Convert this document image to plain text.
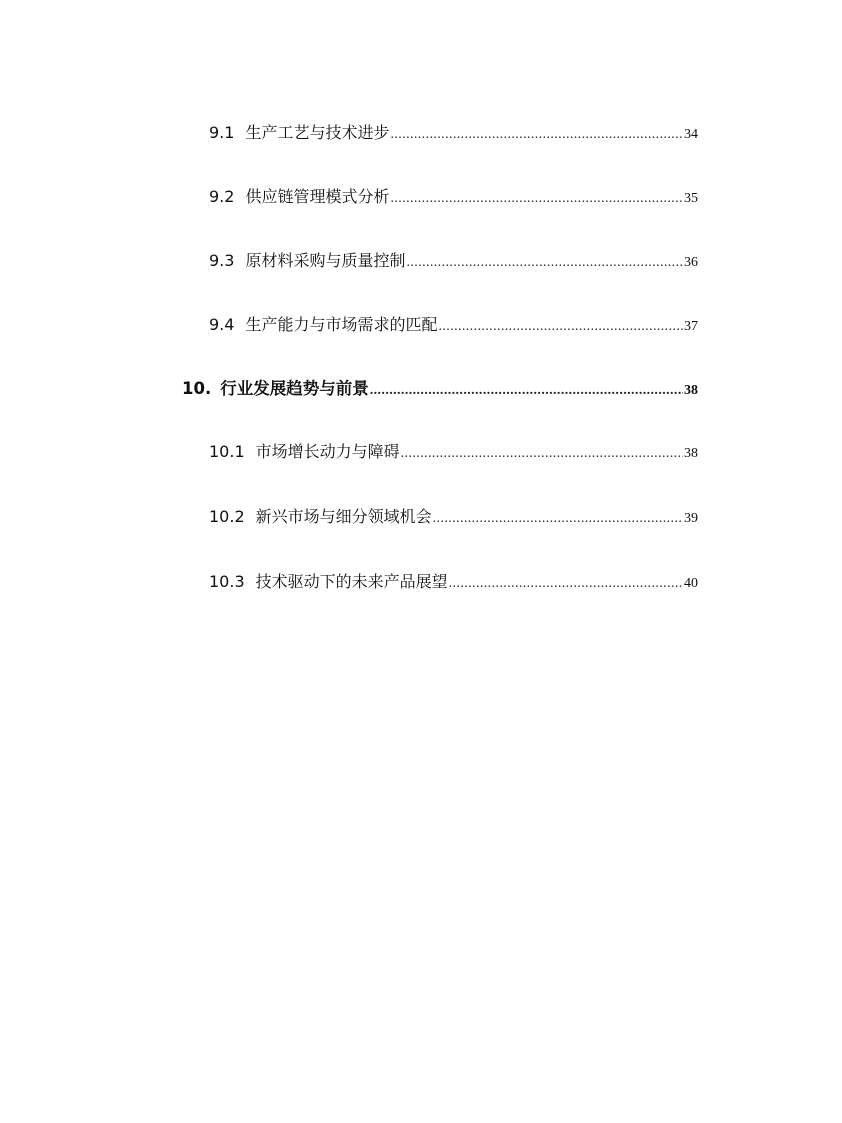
9.1 生产工艺与技术进步 .....	34
9.2 供应链管理模式分析 .....	35
9.3 原材料采购与质量控制 .....	36
9.4 生产能力与市场需求的匹配 .....	37
10. 行业发展趋势与前景 .....	38
10.1 市场增长动力与障碍 .....	38
10.2 新兴市场与细分领域机会 .....	39
10.3 技术驱动下的未来产品展望 .....	40
